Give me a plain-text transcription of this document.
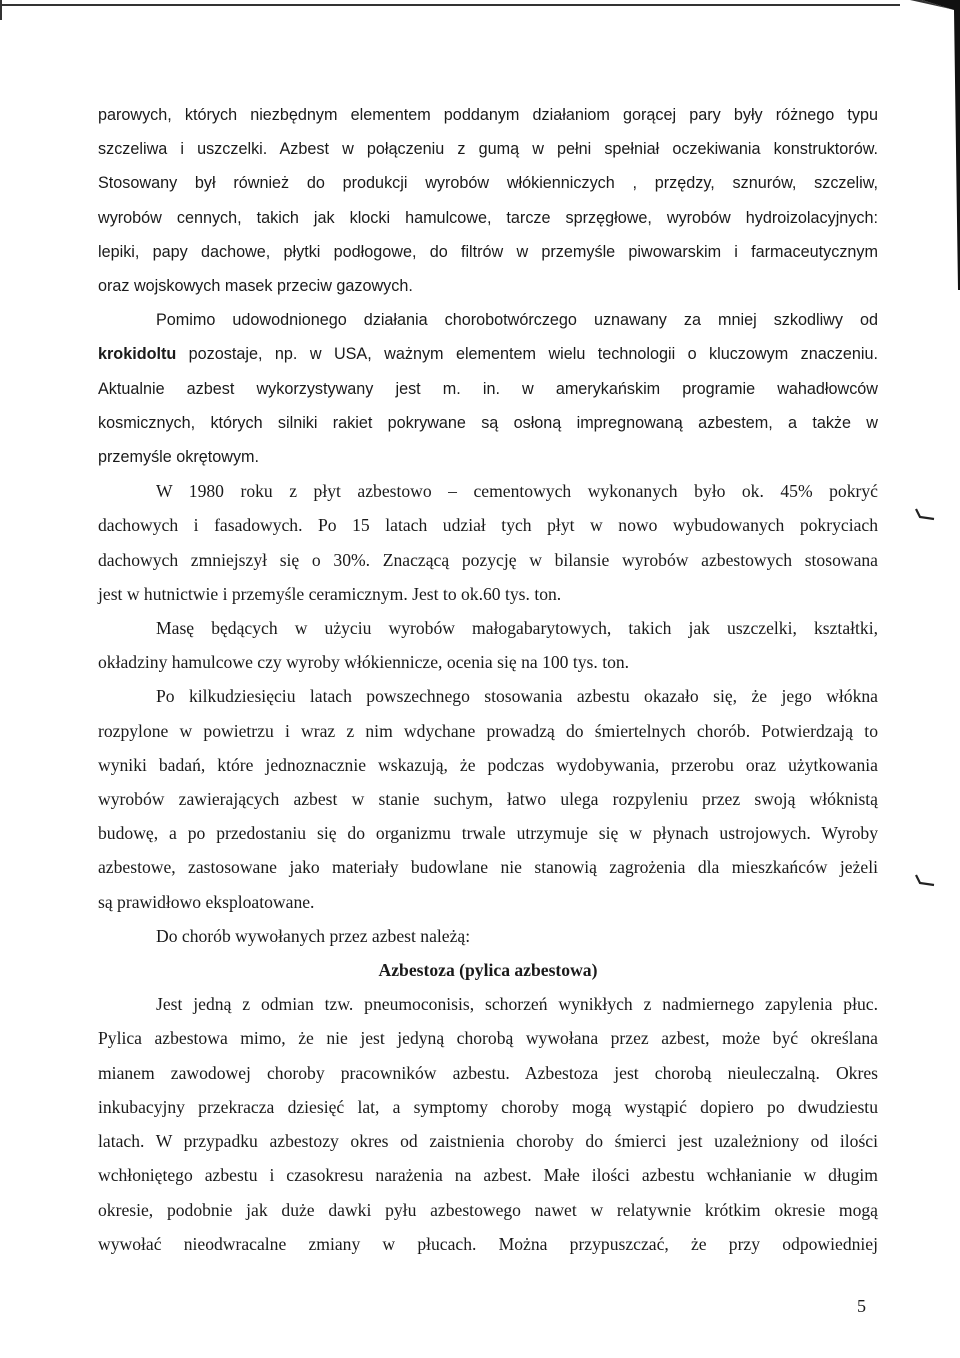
parowych, których niezbędnym elementem poddanym działaniom gorącej pary były różnego typu
szczeliwa i uszczelki. Azbest w połączeniu z gumą w pełni spełniał oczekiwania konstruktorów.
Stosowany był również do produkcji wyrobów włókienniczych , przędzy, sznurów, szczeliw,
wyrobów cennych, takich jak klocki hamulcowe, tarcze sprzęgłowe, wyrobów hydroizolacyjnych:
lepiki, papy dachowe, płytki podłogowe, do filtrów w przemyśle piwowarskim i farmaceutycznym
oraz wojskowych masek przeciw gazowych.

Pomimo udowodnionego działania chorobotwórczego uznawany za mniej szkodliwy od
krokidoltu pozostaje, np. w USA, ważnym elementem wielu technologii o kluczowym znaczeniu.
Aktualnie azbest wykorzystywany jest m. in. w amerykańskim programie wahadłowców
kosmicznych, których silniki rakiet pokrywane są osłoną impregnowaną azbestem, a także w
przemyśle okrętowym.

W 1980 roku z płyt azbestowo – cementowych wykonanych było ok. 45% pokryć
dachowych i fasadowych. Po 15 latach udział tych płyt w nowo wybudowanych pokryciach
dachowych zmniejszył się o 30%. Znaczącą pozycję w bilansie wyrobów azbestowych stosowana
jest w hutnictwie i przemyśle ceramicznym. Jest to ok.60 tys. ton.

Masę będących w użyciu wyrobów małogabarytowych, takich jak uszczelki, kształtki,
okładziny hamulcowe czy wyroby włókiennicze, ocenia się na 100 tys. ton.

Po kilkudziesięciu latach powszechnego stosowania azbestu okazało się, że jego włókna
rozpylone w powietrzu i wraz z nim wdychane prowadzą do śmiertelnych chorób. Potwierdzają to
wyniki badań, które jednoznacznie wskazują, że podczas wydobywania, przerobu oraz użytkowania
wyrobów zawierających azbest w stanie suchym, łatwo ulega rozpyleniu przez swoją włóknistą
budowę, a po przedostaniu się do organizmu trwale utrzymuje się w płynach ustrojowych. Wyroby
azbestowe, zastosowane jako materiały budowlane nie stanowią zagrożenia dla mieszkańców jeżeli
są prawidłowo eksploatowane.

Do chorób wywołanych przez azbest należą:

Azbestoza (pylica azbestowa)

Jest jedną z odmian tzw. pneumoconisis, schorzeń wynikłych z nadmiernego zapylenia płuc.
Pylica azbestowa mimo, że nie jest jedyną chorobą wywołana przez azbest, może być określana
mianem zawodowej choroby pracowników azbestu. Azbestoza jest chorobą nieuleczalną. Okres
inkubacyjny przekracza dziesięć lat, a symptomy choroby mogą wystąpić dopiero po dwudziestu
latach. W przypadku azbestozy okres od zaistnienia choroby do śmierci jest uzależniony od ilości
wchłoniętego azbestu i czasokresu narażenia na azbest. Małe ilości azbestu wchłanianie w długim
okresie, podobnie jak duże dawki pyłu azbestowego nawet w relatywnie krótkim okresie mogą
wywołać nieodwracalne zmiany w płucach. Można przypuszczać, że przy odpowiedniej

5
